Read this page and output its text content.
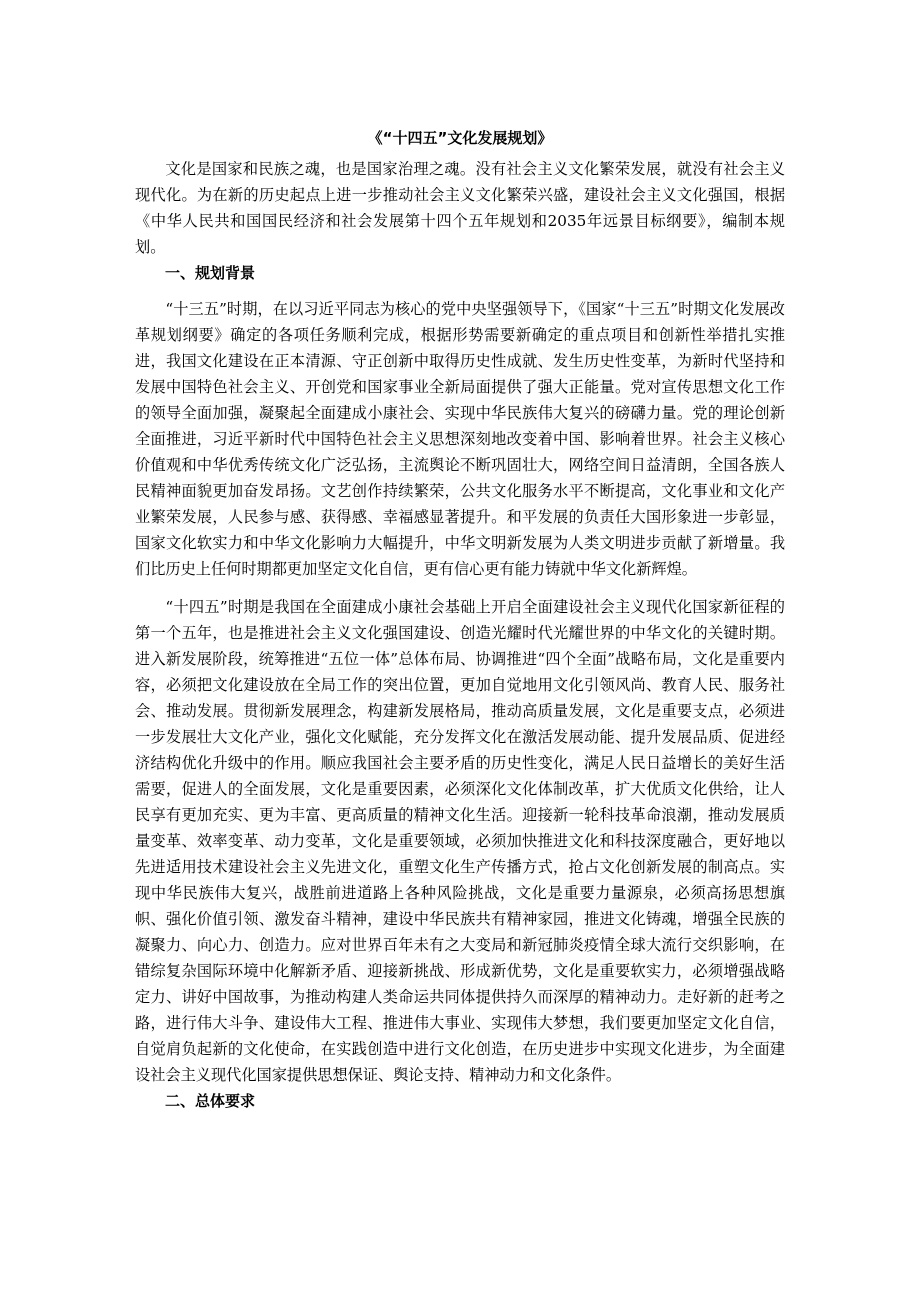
《“十四五”文化发展规划》

文化是国家和民族之魂，也是国家治理之魂。没有社会主义文化繁荣发展，就没有社会主义现代化。为在新的历史起点上进一步推动社会主义文化繁荣兴盛，建设社会主义文化强国，根据《中华人民共和国国民经济和社会发展第十四个五年规划和2035年远景目标纲要》，编制本规划。

一、规划背景

“十三五”时期，在以习近平同志为核心的党中央坚强领导下，《国家“十三五”时期文化发展改革规划纲要》确定的各项任务顺利完成，根据形势需要新确定的重点项目和创新性举措扎实推进，我国文化建设在正本清源、守正创新中取得历史性成就、发生历史性变革，为新时代坚持和发展中国特色社会主义、开创党和国家事业全新局面提供了强大正能量。党对宣传思想文化工作的领导全面加强，凝聚起全面建成小康社会、实现中华民族伟大复兴的磅礴力量。党的理论创新全面推进，习近平新时代中国特色社会主义思想深刻地改变着中国、影响着世界。社会主义核心价值观和中华优秀传统文化广泛弘扬，主流舆论不断巩固壮大，网络空间日益清朗，全国各族人民精神面貌更加奋发昂扬。文艺创作持续繁荣，公共文化服务水平不断提高，文化事业和文化产业繁荣发展，人民参与感、获得感、幸福感显著提升。和平发展的负责任大国形象进一步彰显，国家文化软实力和中华文化影响力大幅提升，中华文明新发展为人类文明进步贡献了新增量。我们比历史上任何时期都更加坚定文化自信，更有信心更有能力铸就中华文化新辉煌。

“十四五”时期是我国在全面建成小康社会基础上开启全面建设社会主义现代化国家新征程的第一个五年，也是推进社会主义文化强国建设、创造光耀时代光耀世界的中华文化的关键时期。进入新发展阶段，统筹推进“五位一体”总体布局、协调推进“四个全面”战略布局，文化是重要内容，必须把文化建设放在全局工作的突出位置，更加自觉地用文化引领风尚、教育人民、服务社会、推动发展。贯彻新发展理念，构建新发展格局，推动高质量发展，文化是重要支点，必须进一步发展壮大文化产业，强化文化赋能，充分发挥文化在激活发展动能、提升发展品质、促进经济结构优化升级中的作用。顺应我国社会主要矛盾的历史性变化，满足人民日益增长的美好生活需要，促进人的全面发展，文化是重要因素，必须深化文化体制改革，扩大优质文化供给，让人民享有更加充实、更为丰富、更高质量的精神文化生活。迎接新一轮科技革命浪潮，推动发展质量变革、效率变革、动力变革，文化是重要领域，必须加快推进文化和科技深度融合，更好地以先进适用技术建设社会主义先进文化，重塑文化生产传播方式，抢占文化创新发展的制高点。实现中华民族伟大复兴，战胜前进道路上各种风险挑战，文化是重要力量源泉，必须高扬思想旗帜、强化价值引领、激发奋斗精神，建设中华民族共有精神家园，推进文化铸魂，增强全民族的凝聚力、向心力、创造力。应对世界百年未有之大变局和新冠肺炎疫情全球大流行交织影响，在错综复杂国际环境中化解新矛盾、迎接新挑战、形成新优势，文化是重要软实力，必须增强战略定力、讲好中国故事，为推动构建人类命运共同体提供持久而深厚的精神动力。走好新的赶考之路，进行伟大斗争、建设伟大工程、推进伟大事业、实现伟大梦想，我们要更加坚定文化自信，自觉肩负起新的文化使命，在实践创造中进行文化创造，在历史进步中实现文化进步，为全面建设社会主义现代化国家提供思想保证、舆论支持、精神动力和文化条件。

二、总体要求
